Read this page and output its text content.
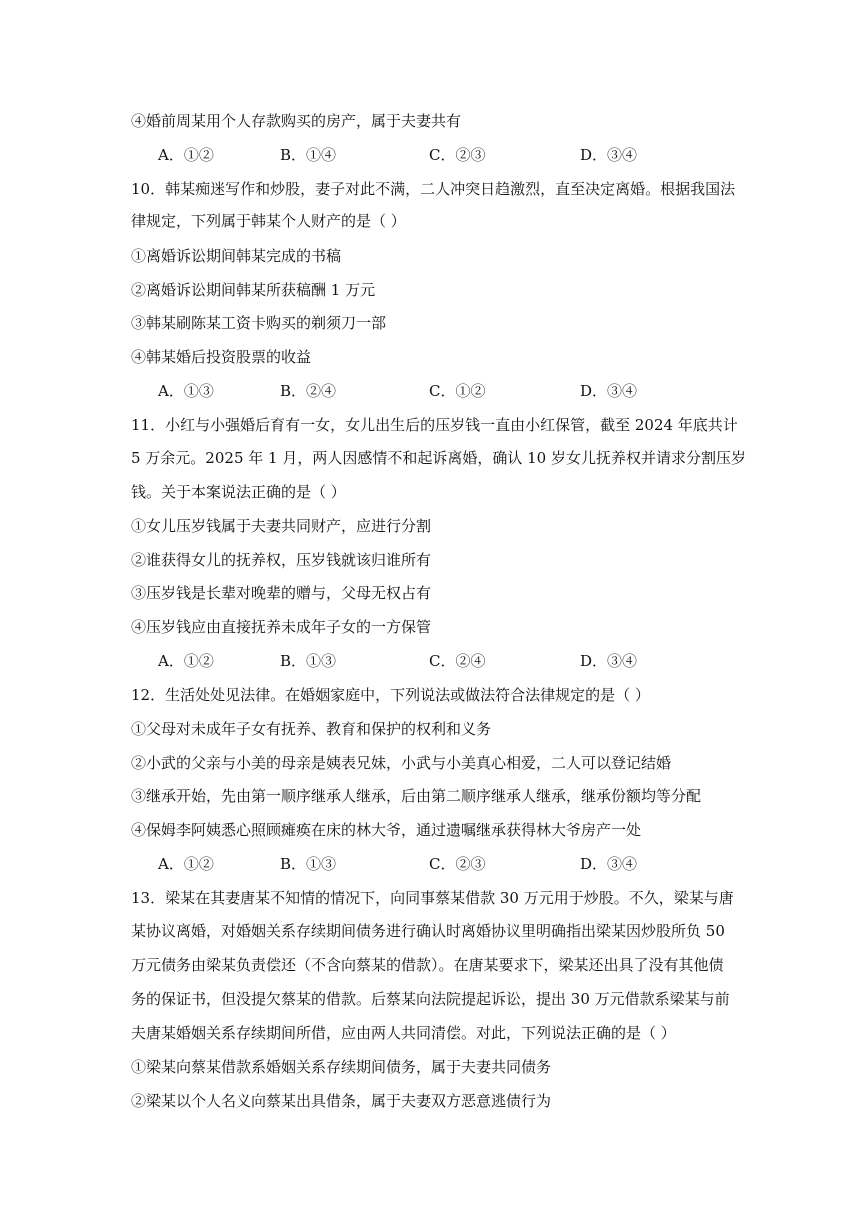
④婚前周某用个人存款购买的房产，属于夫妻共有
A．①②	B．①④	C．②③	D．③④
10．韩某痴迷写作和炒股，妻子对此不满，二人冲突日趋激烈，直至决定离婚。根据我国法
律规定，下列属于韩某个人财产的是（ ）
①离婚诉讼期间韩某完成的书稿
②离婚诉讼期间韩某所获稿酬 1 万元
③韩某刷陈某工资卡购买的剃须刀一部
④韩某婚后投资股票的收益
A．①③	B．②④	C．①②	D．③④
11．小红与小强婚后育有一女，女儿出生后的压岁钱一直由小红保管，截至 2024 年底共计
5 万余元。2025 年 1 月，两人因感情不和起诉离婚，确认 10 岁女儿抚养权并请求分割压岁
钱。关于本案说法正确的是（ ）
①女儿压岁钱属于夫妻共同财产，应进行分割
②谁获得女儿的抚养权，压岁钱就该归谁所有
③压岁钱是长辈对晚辈的赠与，父母无权占有
④压岁钱应由直接抚养未成年子女的一方保管
A．①②	B．①③	C．②④	D．③④
12．生活处处见法律。在婚姻家庭中，下列说法或做法符合法律规定的是（ ）
①父母对未成年子女有抚养、教育和保护的权利和义务
②小武的父亲与小美的母亲是姨表兄妹，小武与小美真心相爱，二人可以登记结婚
③继承开始，先由第一顺序继承人继承，后由第二顺序继承人继承，继承份额均等分配
④保姆李阿姨悉心照顾瘫痪在床的林大爷，通过遗嘱继承获得林大爷房产一处
A．①②	B．①③	C．②③	D．③④
13．梁某在其妻唐某不知情的情况下，向同事蔡某借款 30 万元用于炒股。不久，梁某与唐
某协议离婚，对婚姻关系存续期间债务进行确认时离婚协议里明确指出梁某因炒股所负 50
万元债务由梁某负责偿还（不含向蔡某的借款）。在唐某要求下，梁某还出具了没有其他债
务的保证书，但没提欠蔡某的借款。后蔡某向法院提起诉讼，提出 30 万元借款系梁某与前
夫唐某婚姻关系存续期间所借，应由两人共同清偿。对此，下列说法正确的是（ ）
①梁某向蔡某借款系婚姻关系存续期间债务，属于夫妻共同债务
②梁某以个人名义向蔡某出具借条，属于夫妻双方恶意逃债行为
